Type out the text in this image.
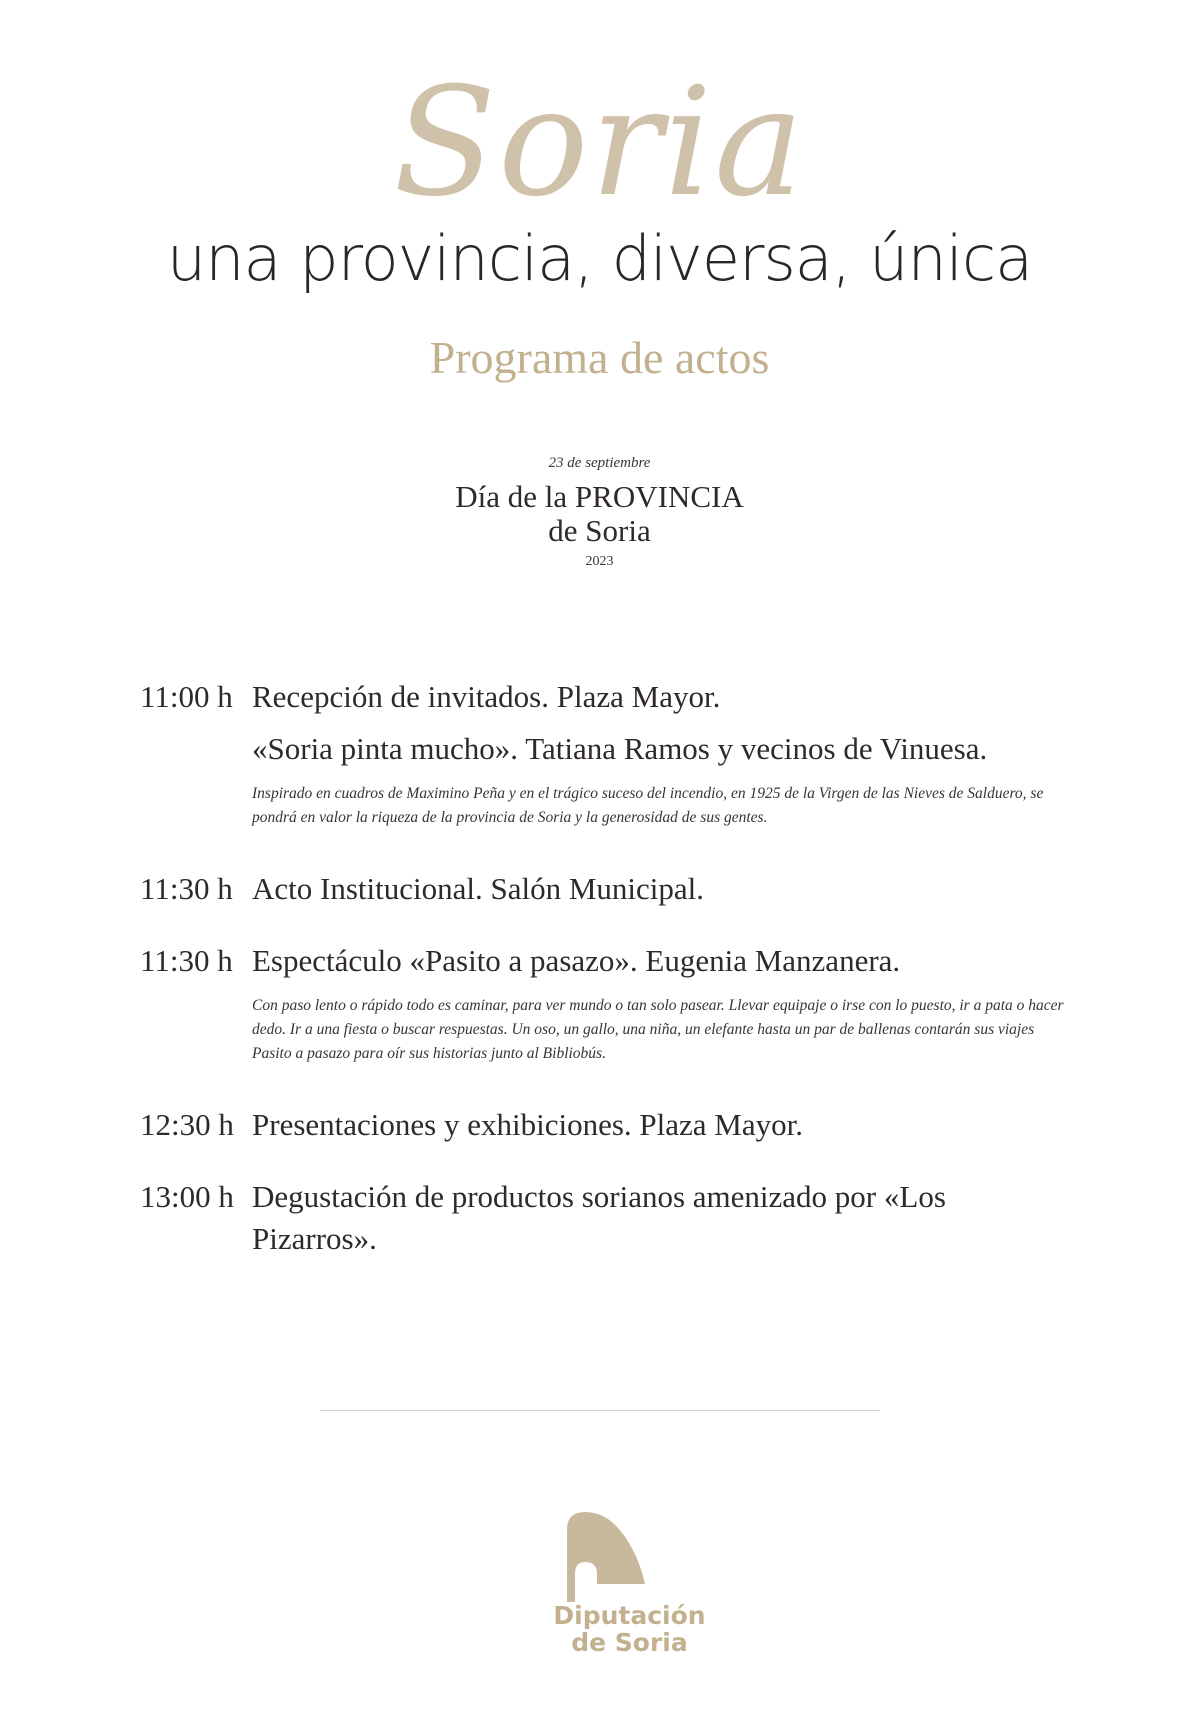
Soria
una provincia, diversa, única
Programa de actos
23 de septiembre
Día de la PROVINCIA
de Soria
2023
11:00 h Recepción de invitados. Plaza Mayor.
«Soria pinta mucho». Tatiana Ramos y vecinos de Vinuesa.
Inspirado en cuadros de Maximino Peña y en el trágico suceso del incendio, en 1925 de la Virgen de las Nieves de Salduero, se pondrá en valor la riqueza de la provincia de Soria y la generosidad de sus gentes.
11:30 h Acto Institucional. Salón Municipal.
11:30 h Espectáculo «Pasito a pasazo». Eugenia Manzanera.
Con paso lento o rápido todo es caminar, para ver mundo o tan solo pasear. Llevar equipaje o irse con lo puesto, ir a pata o hacer dedo. Ir a una fiesta o buscar respuestas. Un oso, un gallo, una niña, un elefante hasta un par de ballenas contarán sus viajes Pasito a pasazo para oír sus historias junto al Bibliobús.
12:30 h Presentaciones y exhibiciones. Plaza Mayor.
13:00 h Degustación de productos sorianos amenizado por «Los Pizarros».
Diputación
de Soria
